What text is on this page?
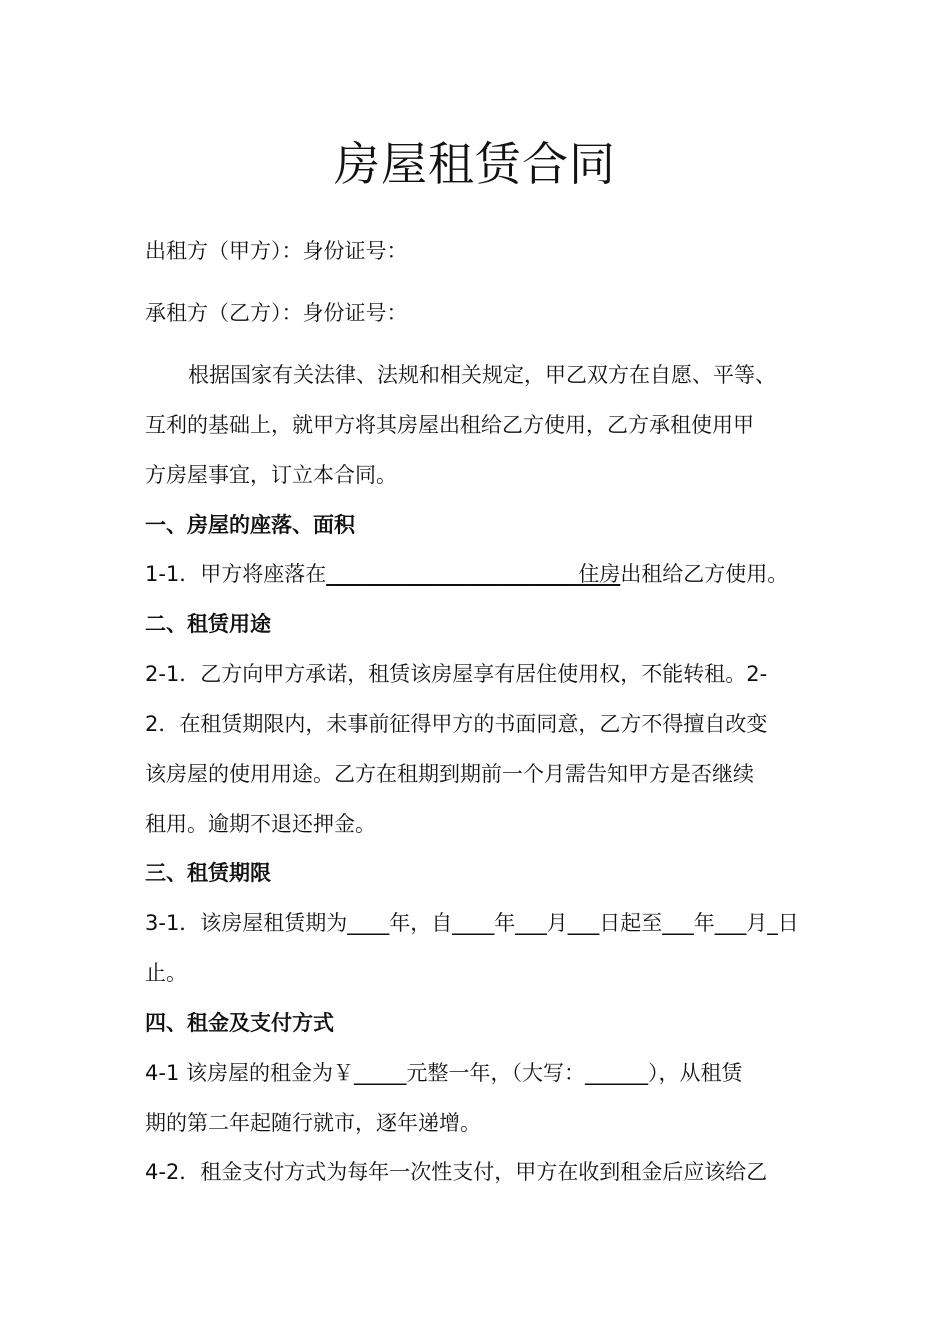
房屋租赁合同
出租方（甲方）：身份证号：
承租方（乙方）：身份证号：
根据国家有关法律、法规和相关规定，甲乙双方在自愿、平等、
互利的基础上，就甲方将其房屋出租给乙方使用，乙方承租使用甲
方房屋事宜，订立本合同。
一、房屋的座落、面积
1-1．甲方将座落在________________________住房出租给乙方使用。
二、租赁用途
2-1．乙方向甲方承诺，租赁该房屋享有居住使用权，不能转租。2-
2．在租赁期限内，未事前征得甲方的书面同意，乙方不得擅自改变
该房屋的使用用途。乙方在租期到期前一个月需告知甲方是否继续
租用。逾期不退还押金。
三、租赁期限
3-1．该房屋租赁期为____年，自____年___月___日起至___年___月_日
止。
四、租金及支付方式
4-1 该房屋的租金为￥_____元整一年，（大写：______），从租赁
期的第二年起随行就市，逐年递增。
4-2．租金支付方式为每年一次性支付，甲方在收到租金后应该给乙
